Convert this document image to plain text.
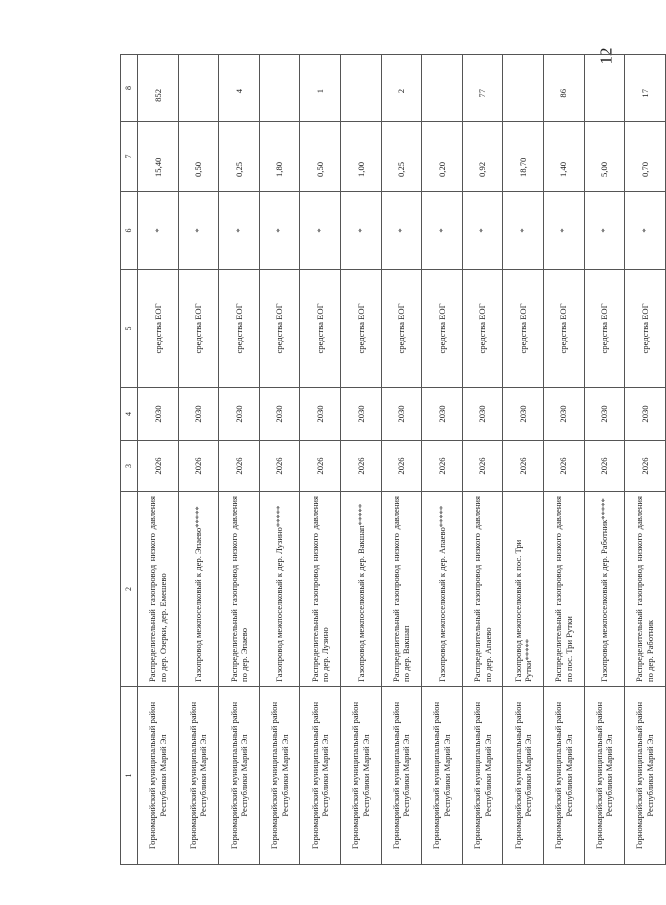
12
1	2	3	4	5	6	7	8
Горномарийский муниципальный район Республики Марий Эл	Распределительный газопровод низкого давления по дер. Озерки, дер. Емешево	2026	2030	средства ЕОГ	*	15,40	852
Горномарийский муниципальный район Республики Марий Эл	Газопровод межпоселковый к дер. Эпаево*****	2026	2030	средства ЕОГ	*	0,50	
Горномарийский муниципальный район Республики Марий Эл	Распределительный газопровод низкого давления по дер. Эпаево	2026	2030	средства ЕОГ	*	0,25	4
Горномарийский муниципальный район Республики Марий Эл	Газопровод межпоселковый к дер. Лузино*****	2026	2030	средства ЕОГ	*	1,80	
Горномарийский муниципальный район Республики Марий Эл	Распределительный газопровод низкого давления по дер. Лузино	2026	2030	средства ЕОГ	*	0,50	1
Горномарийский муниципальный район Республики Марий Эл	Газопровод межпоселковый к дер. Вакшап*****	2026	2030	средства ЕОГ	*	1,00	
Горномарийский муниципальный район Республики Марий Эл	Распределительный газопровод низкого давления по дер. Вакшап	2026	2030	средства ЕОГ	*	0,25	2
Горномарийский муниципальный район Республики Марий Эл	Газопровод межпоселковый к дер. Апаево*****	2026	2030	средства ЕОГ	*	0,20	
Горномарийский муниципальный район Республики Марий Эл	Распределительный газопровод низкого давления по дер. Апаево	2026	2030	средства ЕОГ	*	0,92	77
Горномарийский муниципальный район Республики Марий Эл	Газопровод межпоселковый к пос. Три Рутки*****	2026	2030	средства ЕОГ	*	18,70	
Горномарийский муниципальный район Республики Марий Эл	Распределительный газопровод низкого давления по пос. Три Рутки	2026	2030	средства ЕОГ	*	1,40	86
Горномарийский муниципальный район Республики Марий Эл	Газопровод межпоселковый к дер. Работник*****	2026	2030	средства ЕОГ	*	5,00	
Горномарийский муниципальный район Республики Марий Эл	Распределительный газопровод низкого давления по дер. Работник	2026	2030	средства ЕОГ	*	0,70	17
